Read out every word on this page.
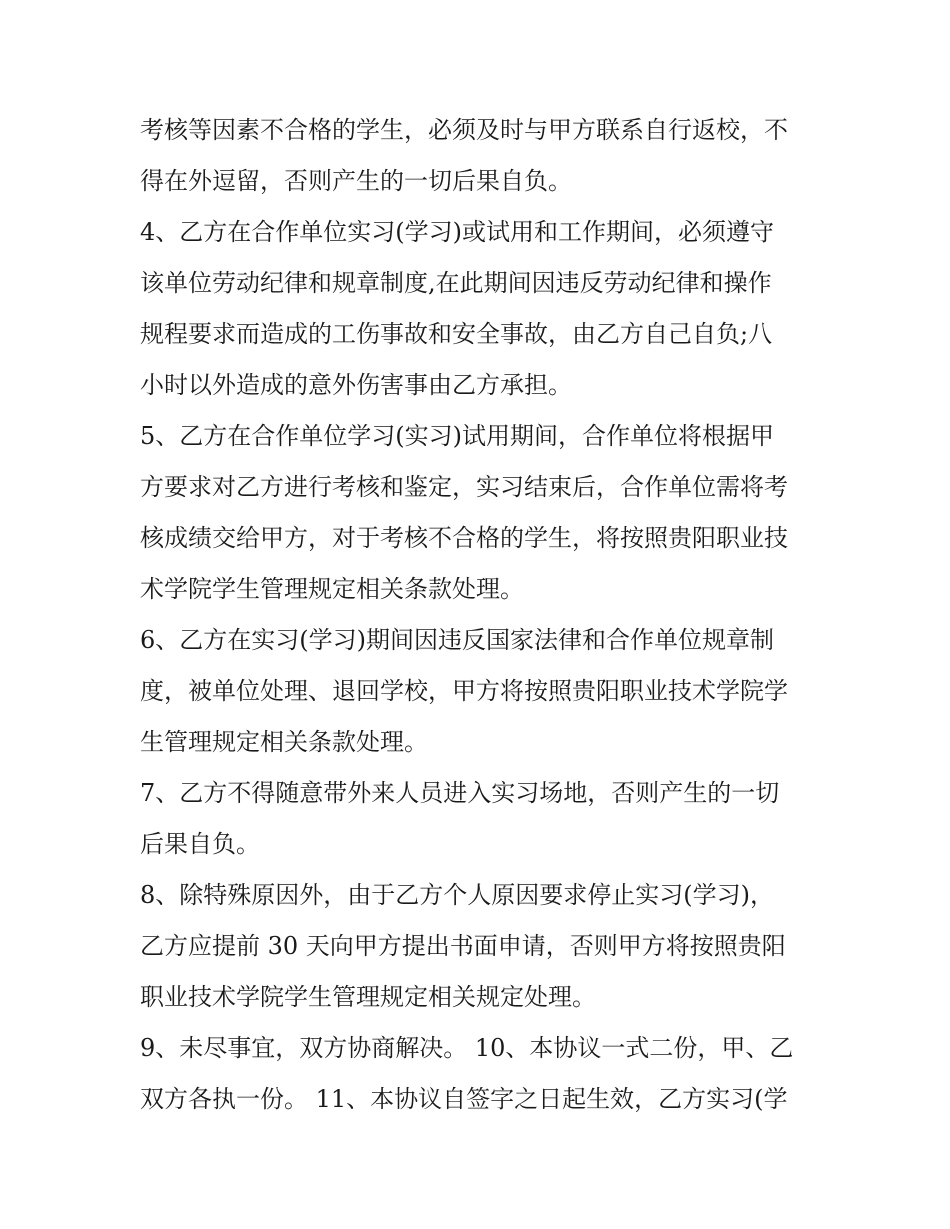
考核等因素不合格的学生，必须及时与甲方联系自行返校，不
得在外逗留，否则产生的一切后果自负。
4、乙方在合作单位实习(学习)或试用和工作期间，必须遵守
该单位劳动纪律和规章制度,在此期间因违反劳动纪律和操作
规程要求而造成的工伤事故和安全事故，由乙方自己自负;八
小时以外造成的意外伤害事由乙方承担。
5、乙方在合作单位学习(实习)试用期间，合作单位将根据甲
方要求对乙方进行考核和鉴定，实习结束后，合作单位需将考
核成绩交给甲方，对于考核不合格的学生，将按照贵阳职业技
术学院学生管理规定相关条款处理。
6、乙方在实习(学习)期间因违反国家法律和合作单位规章制
度，被单位处理、退回学校，甲方将按照贵阳职业技术学院学
生管理规定相关条款处理。
7、乙方不得随意带外来人员进入实习场地，否则产生的一切
后果自负。
8、除特殊原因外，由于乙方个人原因要求停止实习(学习)，
乙方应提前 30 天向甲方提出书面申请，否则甲方将按照贵阳
职业技术学院学生管理规定相关规定处理。
9、未尽事宜，双方协商解决。 10、本协议一式二份，甲、乙
双方各执一份。 11、本协议自签字之日起生效，乙方实习(学
